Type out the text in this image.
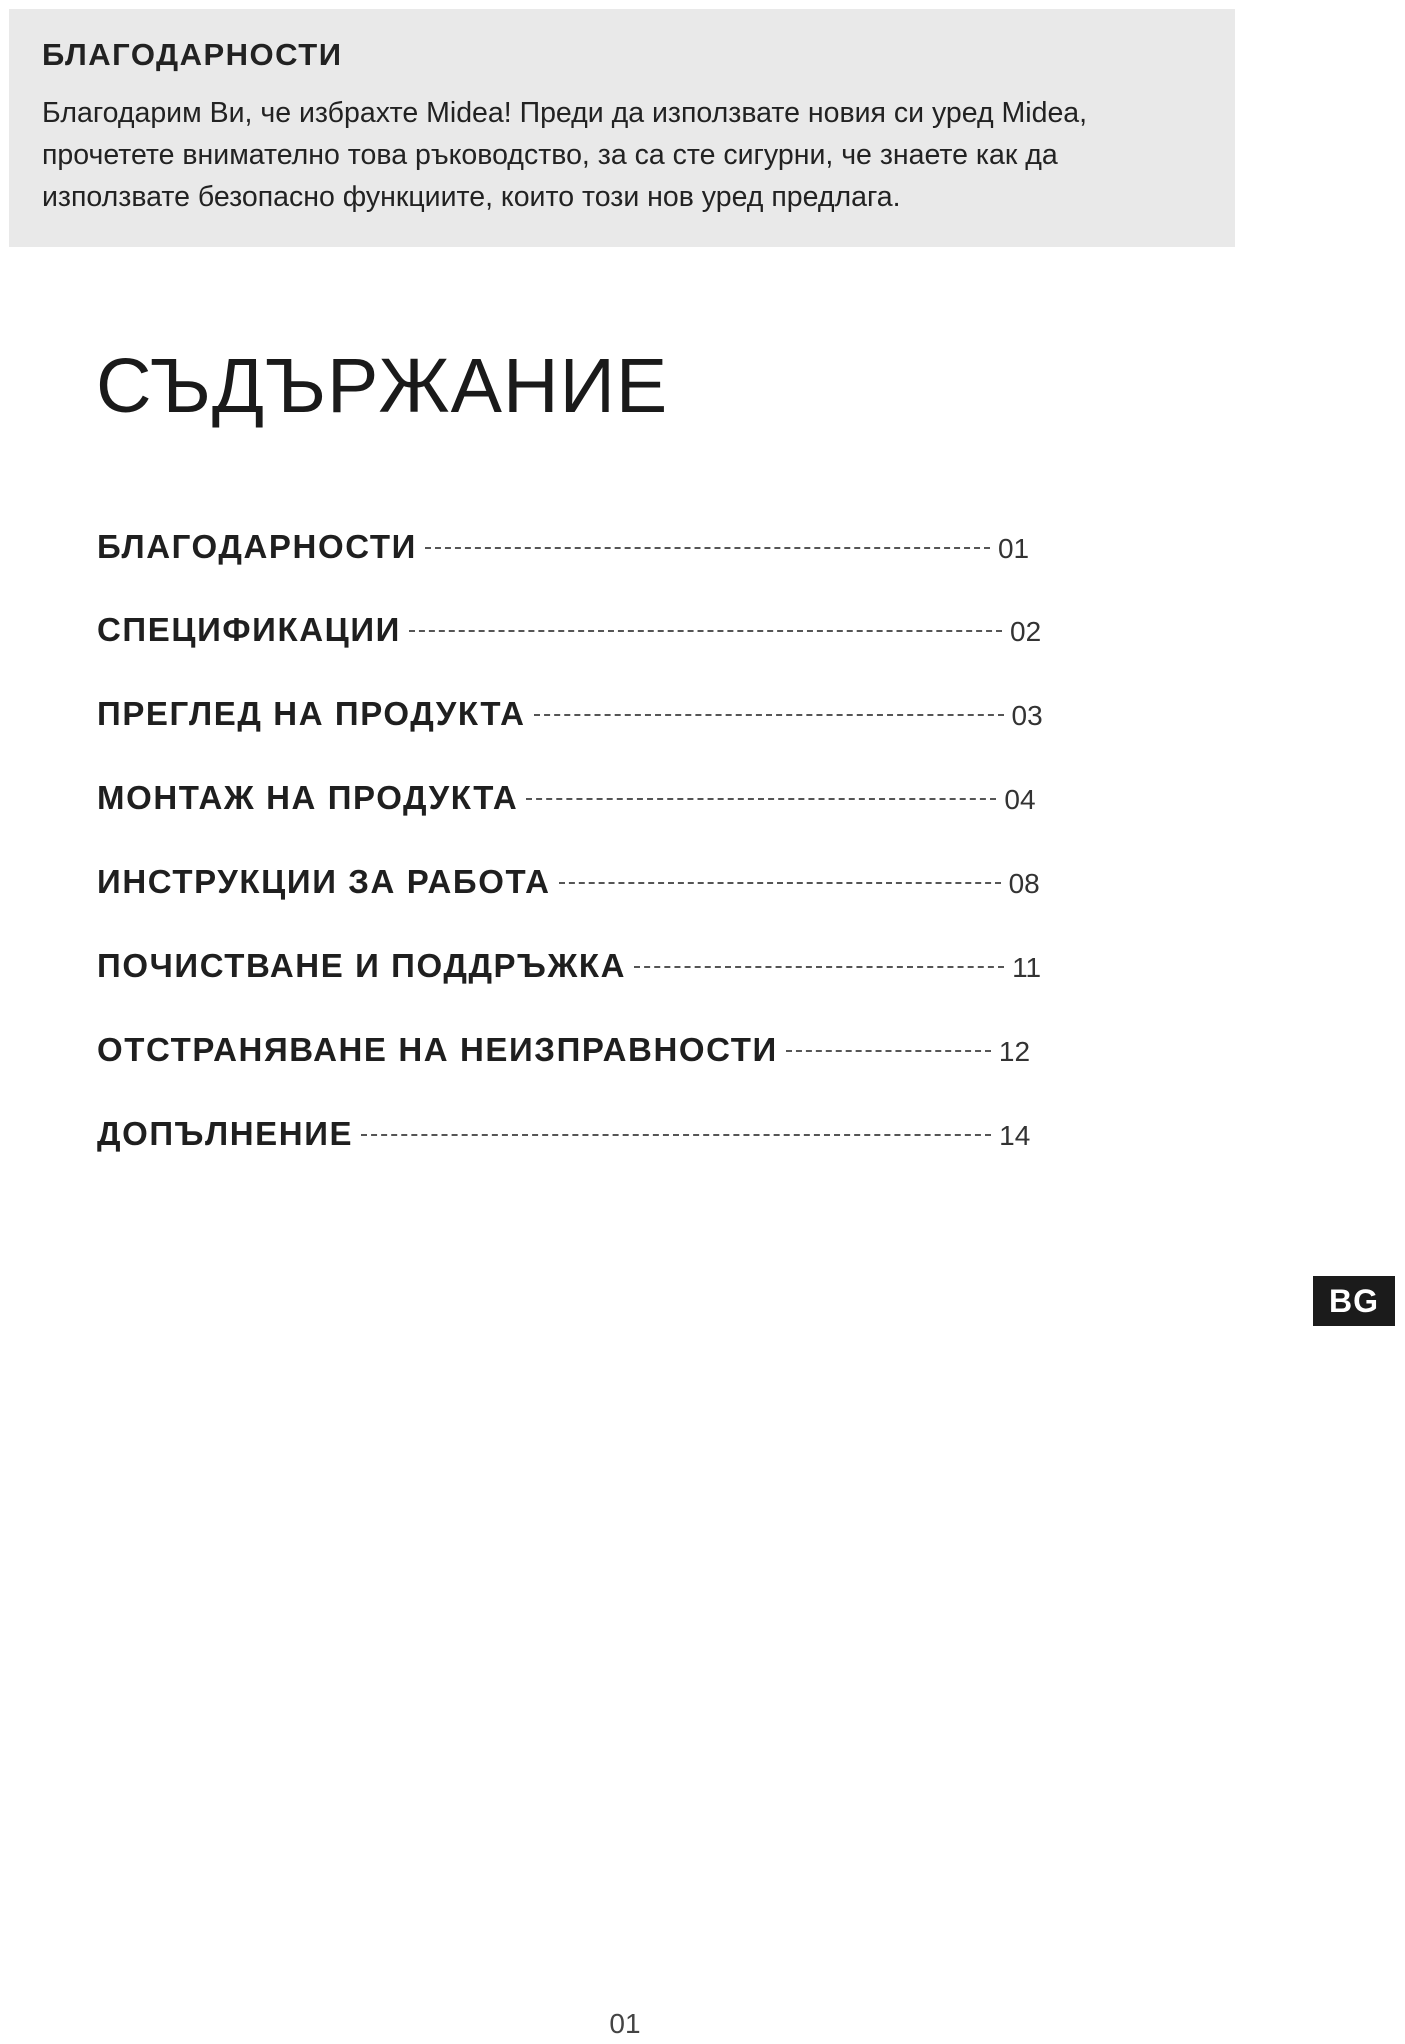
БЛАГОДАРНОСТИ

Благодарим Ви, че избрахте Midea! Преди да използвате новия си уред Midea,
прочетете внимателно това ръководство, за са сте сигурни, че знаете как да
използвате безопасно функциите, които този нов уред предлага.

СЪДЪРЖАНИЕ
БЛАГОДАРНОСТИ	01
СПЕЦИФИКАЦИИ	02
ПРЕГЛЕД НА ПРОДУКТА	03
МОНТАЖ НА ПРОДУКТА	04
ИНСТРУКЦИИ ЗА РАБОТА	08
ПОЧИСТВАНЕ И ПОДДРЪЖКА	11
ОТСТРАНЯВАНЕ НА НЕИЗПРАВНОСТИ	12
ДОПЪЛНЕНИЕ	14
BG
01
